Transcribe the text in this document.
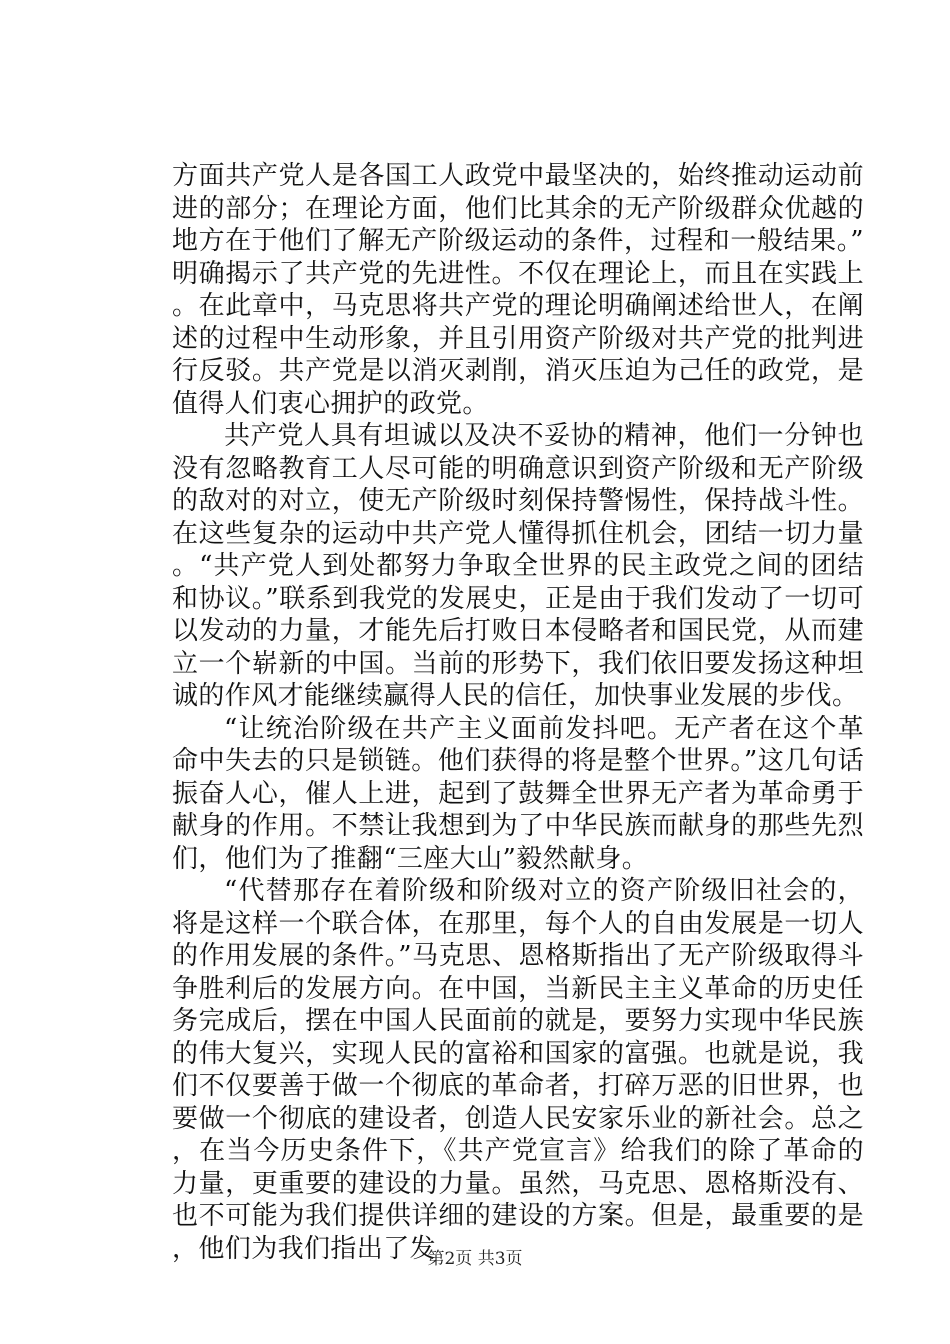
方面共产党人是各国工人政党中最坚决的，始终推动运动前进的部分；在理论方面，他们比其余的无产阶级群众优越的地方在于他们了解无产阶级运动的条件，过程和一般结果。”明确揭示了共产党的先进性。不仅在理论上，而且在实践上。在此章中，马克思将共产党的理论明确阐述给世人，在阐述的过程中生动形象，并且引用资产阶级对共产党的批判进行反驳。共产党是以消灭剥削，消灭压迫为己任的政党，是值得人们衷心拥护的政党。

共产党人具有坦诚以及决不妥协的精神，他们一分钟也没有忽略教育工人尽可能的明确意识到资产阶级和无产阶级的敌对的对立，使无产阶级时刻保持警惕性，保持战斗性。在这些复杂的运动中共产党人懂得抓住机会，团结一切力量。“共产党人到处都努力争取全世界的民主政党之间的团结和协议。”联系到我党的发展史，正是由于我们发动了一切可以发动的力量，才能先后打败日本侵略者和国民党，从而建立一个崭新的中国。当前的形势下，我们依旧要发扬这种坦诚的作风才能继续赢得人民的信任，加快事业发展的步伐。

“让统治阶级在共产主义面前发抖吧。无产者在这个革命中失去的只是锁链。他们获得的将是整个世界。”这几句话振奋人心，催人上进，起到了鼓舞全世界无产者为革命勇于献身的作用。不禁让我想到为了中华民族而献身的那些先烈们，他们为了推翻“三座大山”毅然献身。

“代替那存在着阶级和阶级对立的资产阶级旧社会的，将是这样一个联合体，在那里，每个人的自由发展是一切人的作用发展的条件。”马克思、恩格斯指出了无产阶级取得斗争胜利后的发展方向。在中国，当新民主主义革命的历史任务完成后，摆在中国人民面前的就是，要努力实现中华民族的伟大复兴，实现人民的富裕和国家的富强。也就是说，我们不仅要善于做一个彻底的革命者，打碎万恶的旧世界，也要做一个彻底的建设者，创造人民安家乐业的新社会。总之，在当今历史条件下，《共产党宣言》给我们的除了革命的力量，更重要的建设的力量。虽然，马克思、恩格斯没有、也不可能为我们提供详细的建设的方案。但是，最重要的是，他们为我们指出了发

第2页 共3页
